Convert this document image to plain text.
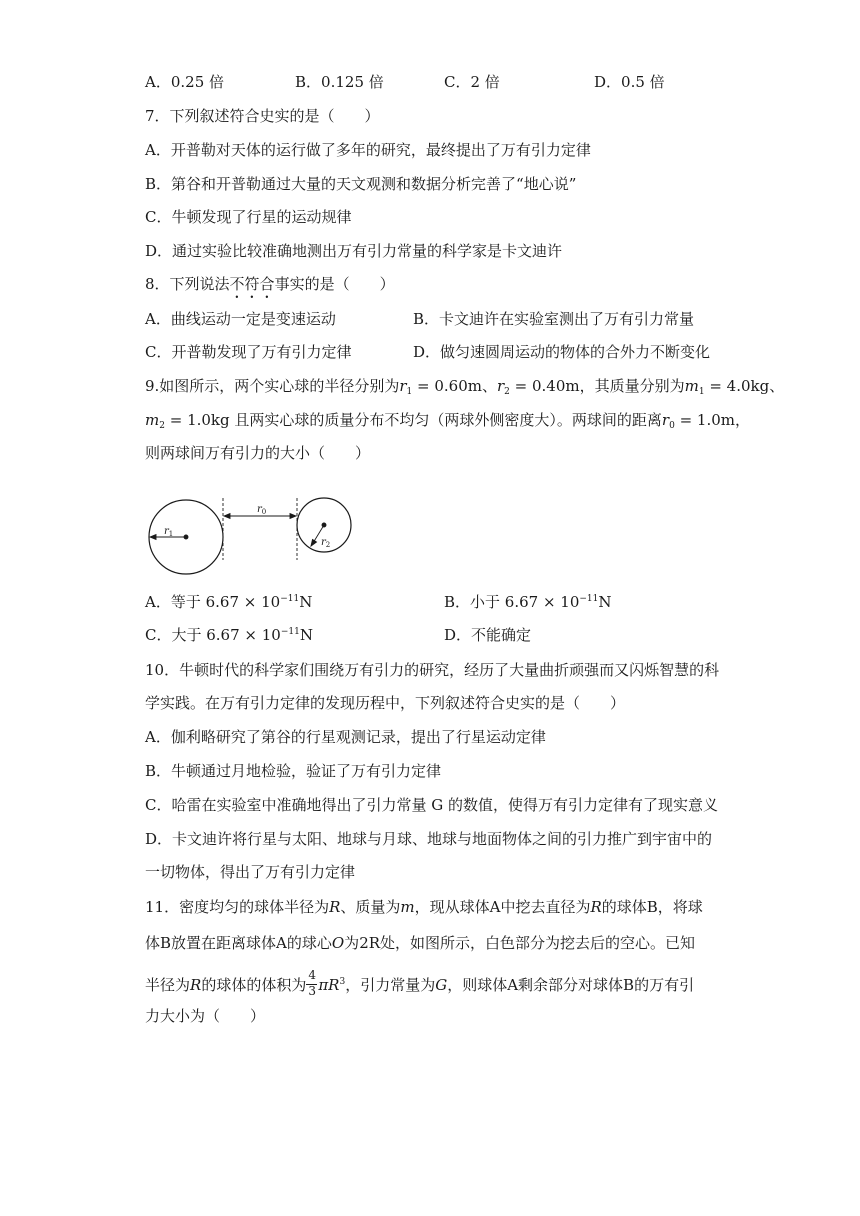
A．0.25 倍	B．0.125 倍	C．2 倍	D．0.5 倍
7．下列叙述符合史实的是（　　）
A．开普勒对天体的运行做了多年的研究，最终提出了万有引力定律
B．第谷和开普勒通过大量的天文观测和数据分析完善了“地心说”
C．牛顿发现了行星的运动规律
D．通过实验比较准确地测出万有引力常量的科学家是卡文迪许
8．下列说法不符合事实的是（　　）
A．曲线运动一定是变速运动	B．卡文迪许在实验室测出了万有引力常量
C．开普勒发现了万有引力定律	D．做匀速圆周运动的物体的合外力不断变化
9.如图所示，两个实心球的半径分别为$r_1 = 0.60m$、$r_2 = 0.40m$，其质量分别为$m_1 = 4.0kg$、
$m_2 = 1.0kg$ 且两实心球的质量分布不均匀（两球外侧密度大）。两球间的距离$r_0 = 1.0m$，
则两球间万有引力的大小（　　）
$r_1$
$r_0$
$r_2$
A．等于 $6.67 \times 10^{-11}N$	B．小于 $6.67 \times 10^{-11}N$
C．大于 $6.67 \times 10^{-11}N$	D．不能确定
10．牛顿时代的科学家们围绕万有引力的研究，经历了大量曲折顽强而又闪烁智慧的科
学实践。在万有引力定律的发现历程中，下列叙述符合史实的是（　　）
A．伽利略研究了第谷的行星观测记录，提出了行星运动定律
B．牛顿通过月地检验，验证了万有引力定律
C．哈雷在实验室中准确地得出了引力常量 G 的数值，使得万有引力定律有了现实意义
D．卡文迪许将行星与太阳、地球与月球、地球与地面物体之间的引力推广到宇宙中的
一切物体，得出了万有引力定律
11．密度均匀的球体半径为R、质量为m，现从球体A中挖去直径为R的球体B，将球
体B放置在距离球体A的球心O为2R处，如图所示，白色部分为挖去后的空心。已知
半径为R的球体的体积为 $\frac{4}{3} \pi R^3$，引力常量为G，则球体A剩余部分对球体B的万有引
力大小为（　　）
